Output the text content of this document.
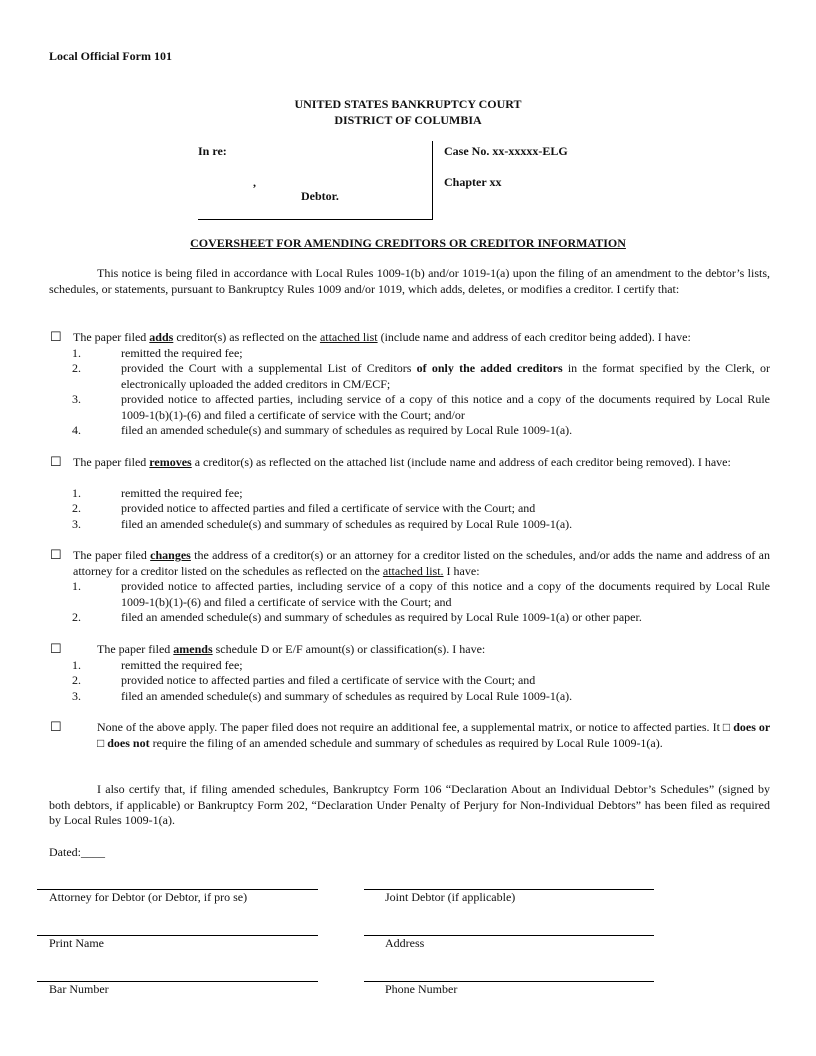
Local Official Form 101
UNITED STATES BANKRUPTCY COURT
DISTRICT OF COLUMBIA
In re:
,
Debtor.
Case No. xx-xxxxx-ELG
Chapter xx
COVERSHEET FOR AMENDING CREDITORS OR CREDITOR INFORMATION
This notice is being filed in accordance with Local Rules 1009-1(b) and/or 1019-1(a) upon the filing of an amendment to the debtor’s lists, schedules, or statements, pursuant to Bankruptcy Rules 1009 and/or 1019, which adds, deletes, or modifies a creditor. I certify that:
☐ The paper filed adds creditor(s) as reflected on the attached list (include name and address of each creditor being added). I have:
1.	remitted the required fee;
2.	provided the Court with a supplemental List of Creditors of only the added creditors in the format specified by the Clerk, or electronically uploaded the added creditors in CM/ECF;
3.	provided notice to affected parties, including service of a copy of this notice and a copy of the documents required by Local Rule 1009-1(b)(1)-(6) and filed a certificate of service with the Court; and/or
4.	filed an amended schedule(s) and summary of schedules as required by Local Rule 1009-1(a).
☐ The paper filed removes a creditor(s) as reflected on the attached list (include name and address of each creditor being removed). I have:
1.	remitted the required fee;
2.	provided notice to affected parties and filed a certificate of service with the Court; and
3.	filed an amended schedule(s) and summary of schedules as required by Local Rule 1009-1(a).
☐ The paper filed changes the address of a creditor(s) or an attorney for a creditor listed on the schedules, and/or adds the name and address of an attorney for a creditor listed on the schedules as reflected on the attached list. I have:
1.	provided notice to affected parties, including service of a copy of this notice and a copy of the documents required by Local Rule 1009-1(b)(1)-(6) and filed a certificate of service with the Court; and
2.	filed an amended schedule(s) and summary of schedules as required by Local Rule 1009-1(a) or other paper.
☐	The paper filed amends schedule D or E/F amount(s) or classification(s). I have:
1.	remitted the required fee;
2.	provided notice to affected parties and filed a certificate of service with the Court; and
3.	filed an amended schedule(s) and summary of schedules as required by Local Rule 1009-1(a).
☐	None of the above apply. The paper filed does not require an additional fee, a supplemental matrix, or notice to affected parties. It □ does or □ does not require the filing of an amended schedule and summary of schedules as required by Local Rule 1009-1(a).
I also certify that, if filing amended schedules, Bankruptcy Form 106 “Declaration About an Individual Debtor’s Schedules” (signed by both debtors, if applicable) or Bankruptcy Form 202, “Declaration Under Penalty of Perjury for Non-Individual Debtors” has been filed as required by Local Rules 1009-1(a).
Dated:____
Attorney for Debtor (or Debtor, if pro se)	Joint Debtor (if applicable)
Print Name	Address
Bar Number	Phone Number
